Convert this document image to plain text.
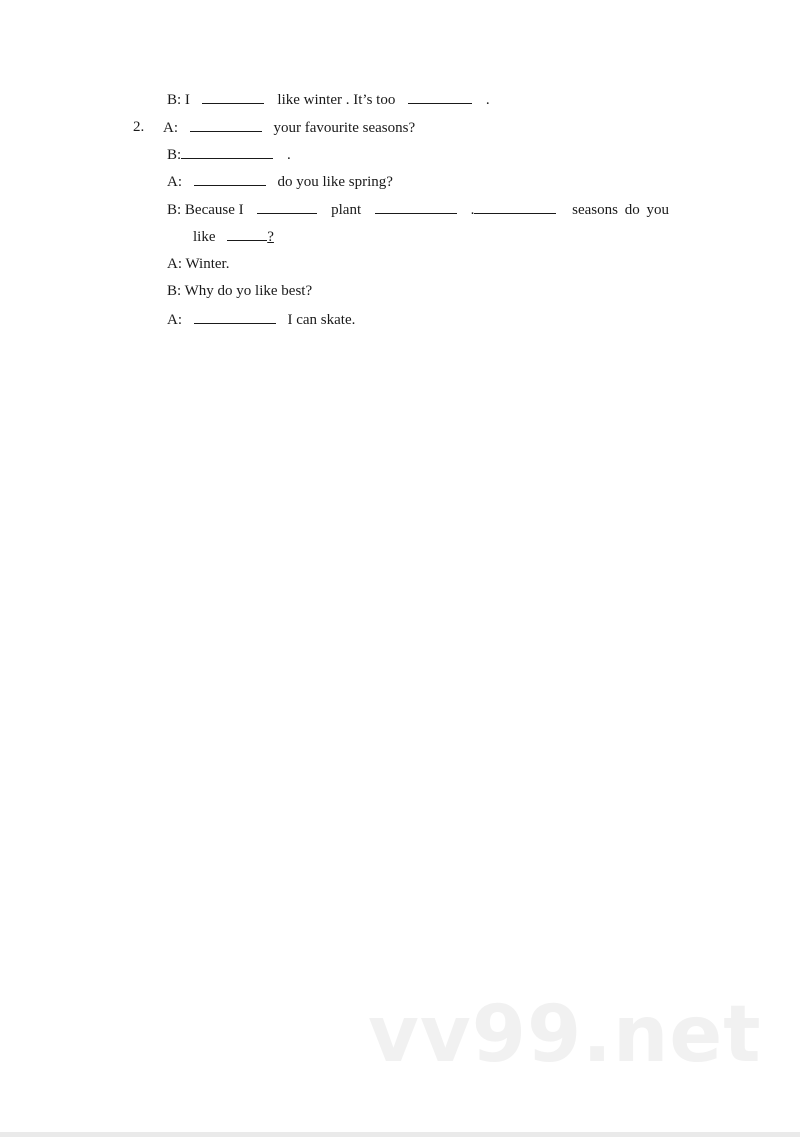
B: I	like winter . It’s too	.
2. A:	your favourite seasons?
B:	.
A:	do you like spring?
B: Because I	plant	.	seasons do you
like	?
A: Winter.
B: Why do yo like best?
A:	I can skate.
vv99.net
